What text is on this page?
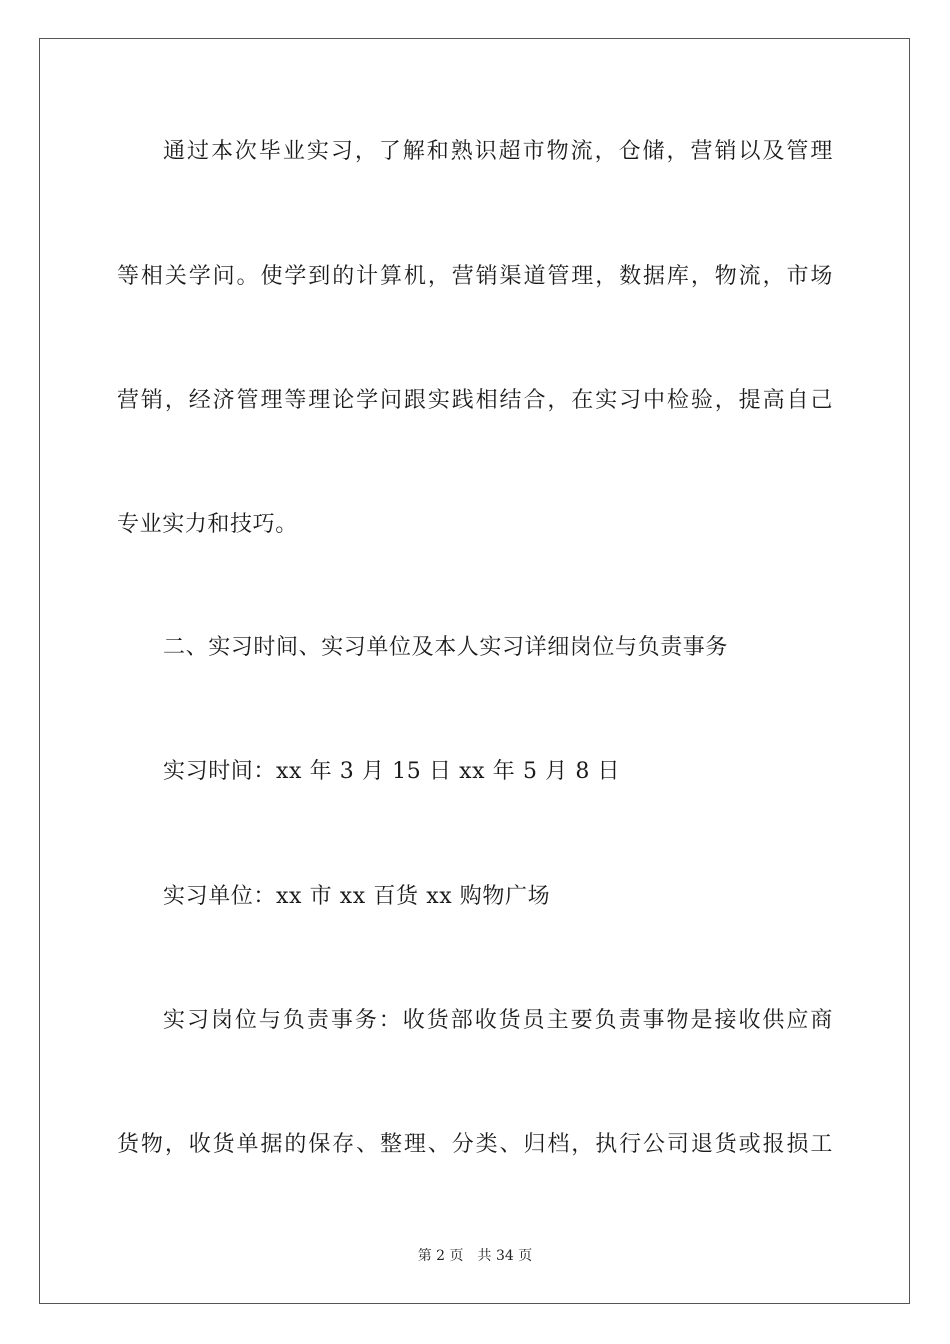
通过本次毕业实习，了解和熟识超市物流，仓储，营销以及管理
等相关学问。使学到的计算机，营销渠道管理，数据库，物流，市场
营销，经济管理等理论学问跟实践相结合，在实习中检验，提高自己
专业实力和技巧。
二、实习时间、实习单位及本人实习详细岗位与负责事务
实习时间：xx 年 3 月 15 日 xx 年 5 月 8 日
实习单位：xx 市 xx 百货 xx 购物广场
实习岗位与负责事务：收货部收货员主要负责事物是接收供应商
货物，收货单据的保存、整理、分类、归档，执行公司退货或报损工
第 2 页 共 34 页
